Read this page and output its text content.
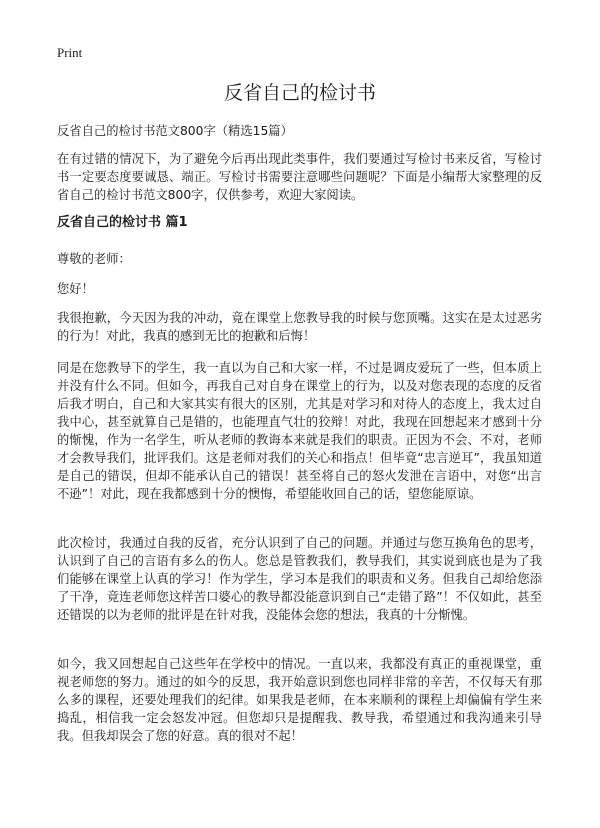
Print
反省自己的检讨书

反省自己的检讨书范文800字（精选15篇）

在有过错的情况下，为了避免今后再出现此类事件，我们要通过写检讨书来反省，写检讨书一定要态度要诚恳、端正。写检讨书需要注意哪些问题呢？下面是小编帮大家整理的反省自己的检讨书范文800字，仅供参考，欢迎大家阅读。

反省自己的检讨书 篇1

尊敬的老师：

您好！

我很抱歉，今天因为我的冲动，竟在课堂上您教导我的时候与您顶嘴。这实在是太过恶劣的行为！对此，我真的感到无比的抱歉和后悔！

同是在您教导下的学生，我一直以为自己和大家一样，不过是调皮爱玩了一些，但本质上并没有什么不同。但如今，再我自己对自身在课堂上的行为，以及对您表现的态度的反省后我才明白，自己和大家其实有很大的区别，尤其是对学习和对待人的态度上，我太过自我中心，甚至就算自己是错的，也能理直气壮的狡辩！对此，我现在回想起来才感到十分的惭愧，作为一名学生，听从老师的教诲本来就是我们的职责。正因为不会、不对，老师才会教导我们，批评我们。这是老师对我们的关心和指点！但毕竟“忠言逆耳”，我虽知道是自己的错误，但却不能承认自己的错误！甚至将自己的怒火发泄在言语中，对您“出言不逊”！对此，现在我都感到十分的懊悔，希望能收回自己的话，望您能原谅。

此次检讨，我通过自我的反省，充分认识到了自己的问题。并通过与您互换角色的思考，认识到了自己的言语有多么的伤人。您总是管教我们，教导我们，其实说到底也是为了我们能够在课堂上认真的学习！作为学生，学习本是我们的职责和义务。但我自己却给您添了干净，竟连老师您这样苦口婆心的教导都没能意识到自己“走错了路”！不仅如此，甚至还错误的以为老师的批评是在针对我，没能体会您的想法，我真的十分惭愧。

如今，我又回想起自己这些年在学校中的情况。一直以来，我都没有真正的重视课堂，重视老师您的努力。通过的如今的反思，我开始意识到您也同样非常的辛苦，不仅每天有那么多的课程，还要处理我们的纪律。如果我是老师，在本来顺利的课程上却偏偏有学生来捣乱，相信我一定会怒发冲冠。但您却只是提醒我、教导我，希望通过和我沟通来引导我。但我却误会了您的好意。真的很对不起！
